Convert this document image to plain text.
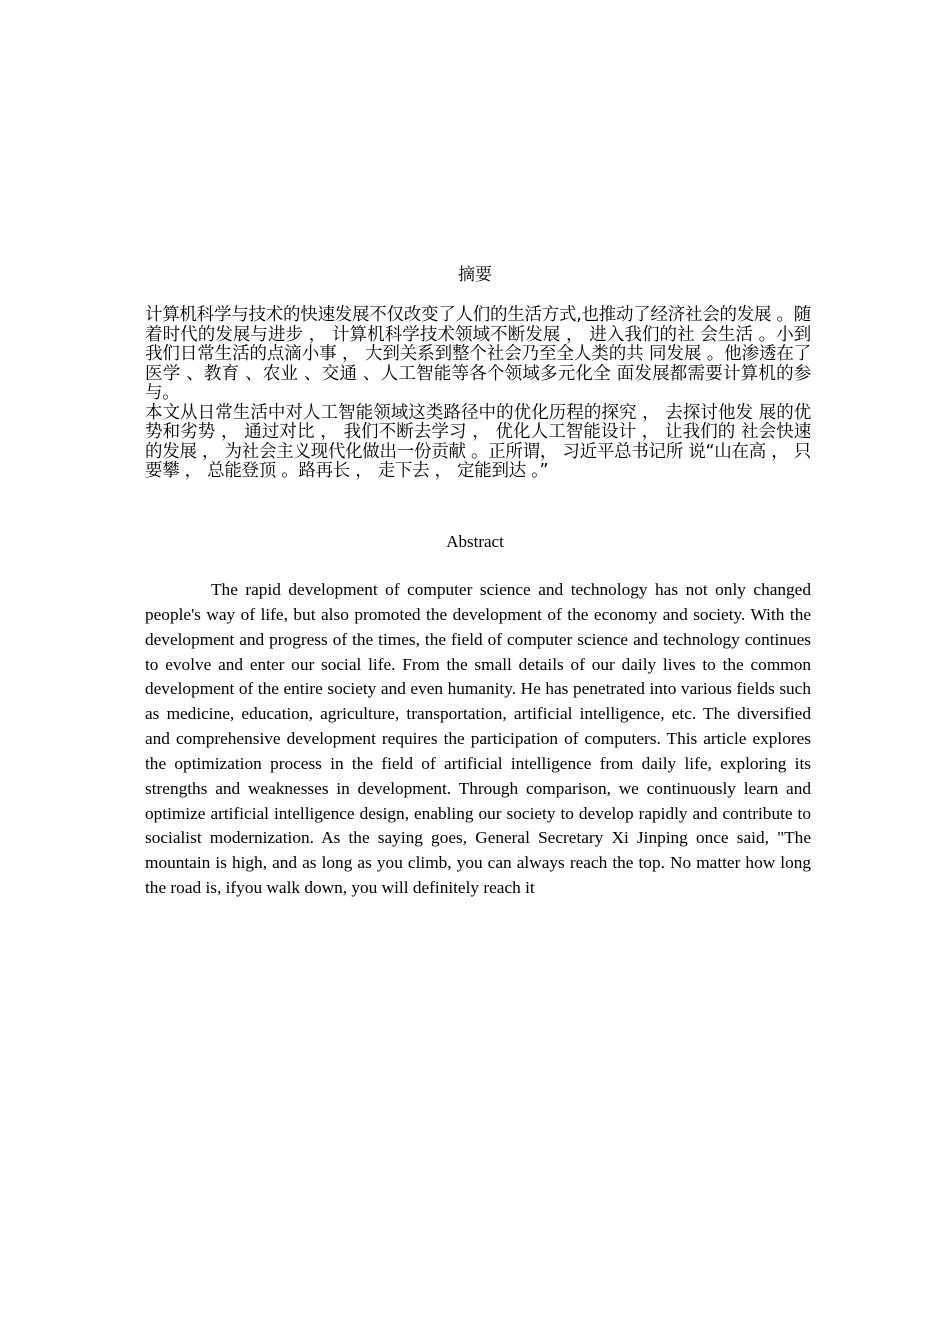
摘要

计算机科学与技术的快速发展不仅改变了人们的生活方式,也推动了经济社会的发展 。随着时代的发展与进步 ， 计算机科学技术领域不断发展 ， 进入我们的社 会生活 。小到我们日常生活的点滴小事 ， 大到关系到整个社会乃至全人类的共 同发展 。他渗透在了医学 、教育 、农业 、交通 、人工智能等各个领域多元化全 面发展都需要计算机的参与。

本文从日常生活中对人工智能领域这类路径中的优化历程的探究 ， 去探讨他发 展的优势和劣势 ， 通过对比 ， 我们不断去学习 ， 优化人工智能设计 ， 让我们的 社会快速的发展 ， 为社会主义现代化做出一份贡献 。正所谓， 习近平总书记所 说“山在高 ， 只要攀 ， 总能登顶 。路再长 ， 走下去 ， 定能到达 。”

Abstract

The rapid development of computer science and technology has not only changed people's way of life, but also promoted the development of the economy and society. With the development and progress of the times, the field of computer science and technology continues to evolve and enter our social life. From the small details of our daily lives to the common development of the entire society and even humanity. He has penetrated into various fields such as medicine, education, agriculture, transportation, artificial intelligence, etc. The diversified and comprehensive development requires the participation of computers. This article explores the optimization process in the field of artificial intelligence from daily life, exploring its strengths and weaknesses in development. Through comparison, we continuously learn and optimize artificial intelligence design, enabling our society to develop rapidly and contribute to socialist modernization. As the saying goes, General Secretary Xi Jinping once said, "The mountain is high, and as long as you climb, you can always reach the top. No matter how long the road is, ifyou walk down, you will definitely reach it
